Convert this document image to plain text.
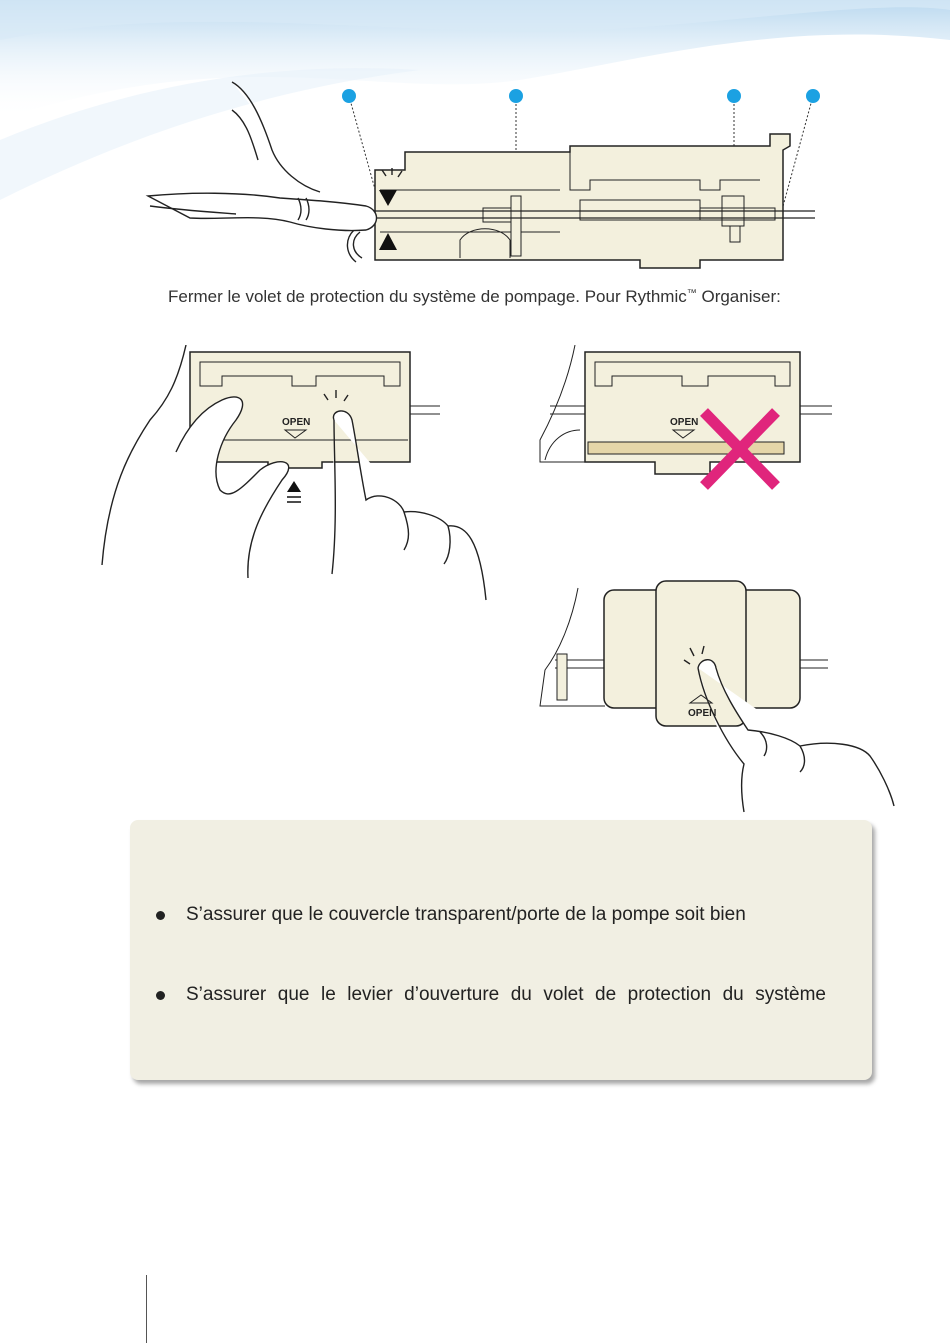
Fermer le volet de protection du système de pompage. Pour Rythmic™ Organiser:
OPEN	OPEN
OPEN
S’assurer que le couvercle transparent/porte de la pompe soit bien
S’assurer que le levier d’ouverture du volet de protection du système
